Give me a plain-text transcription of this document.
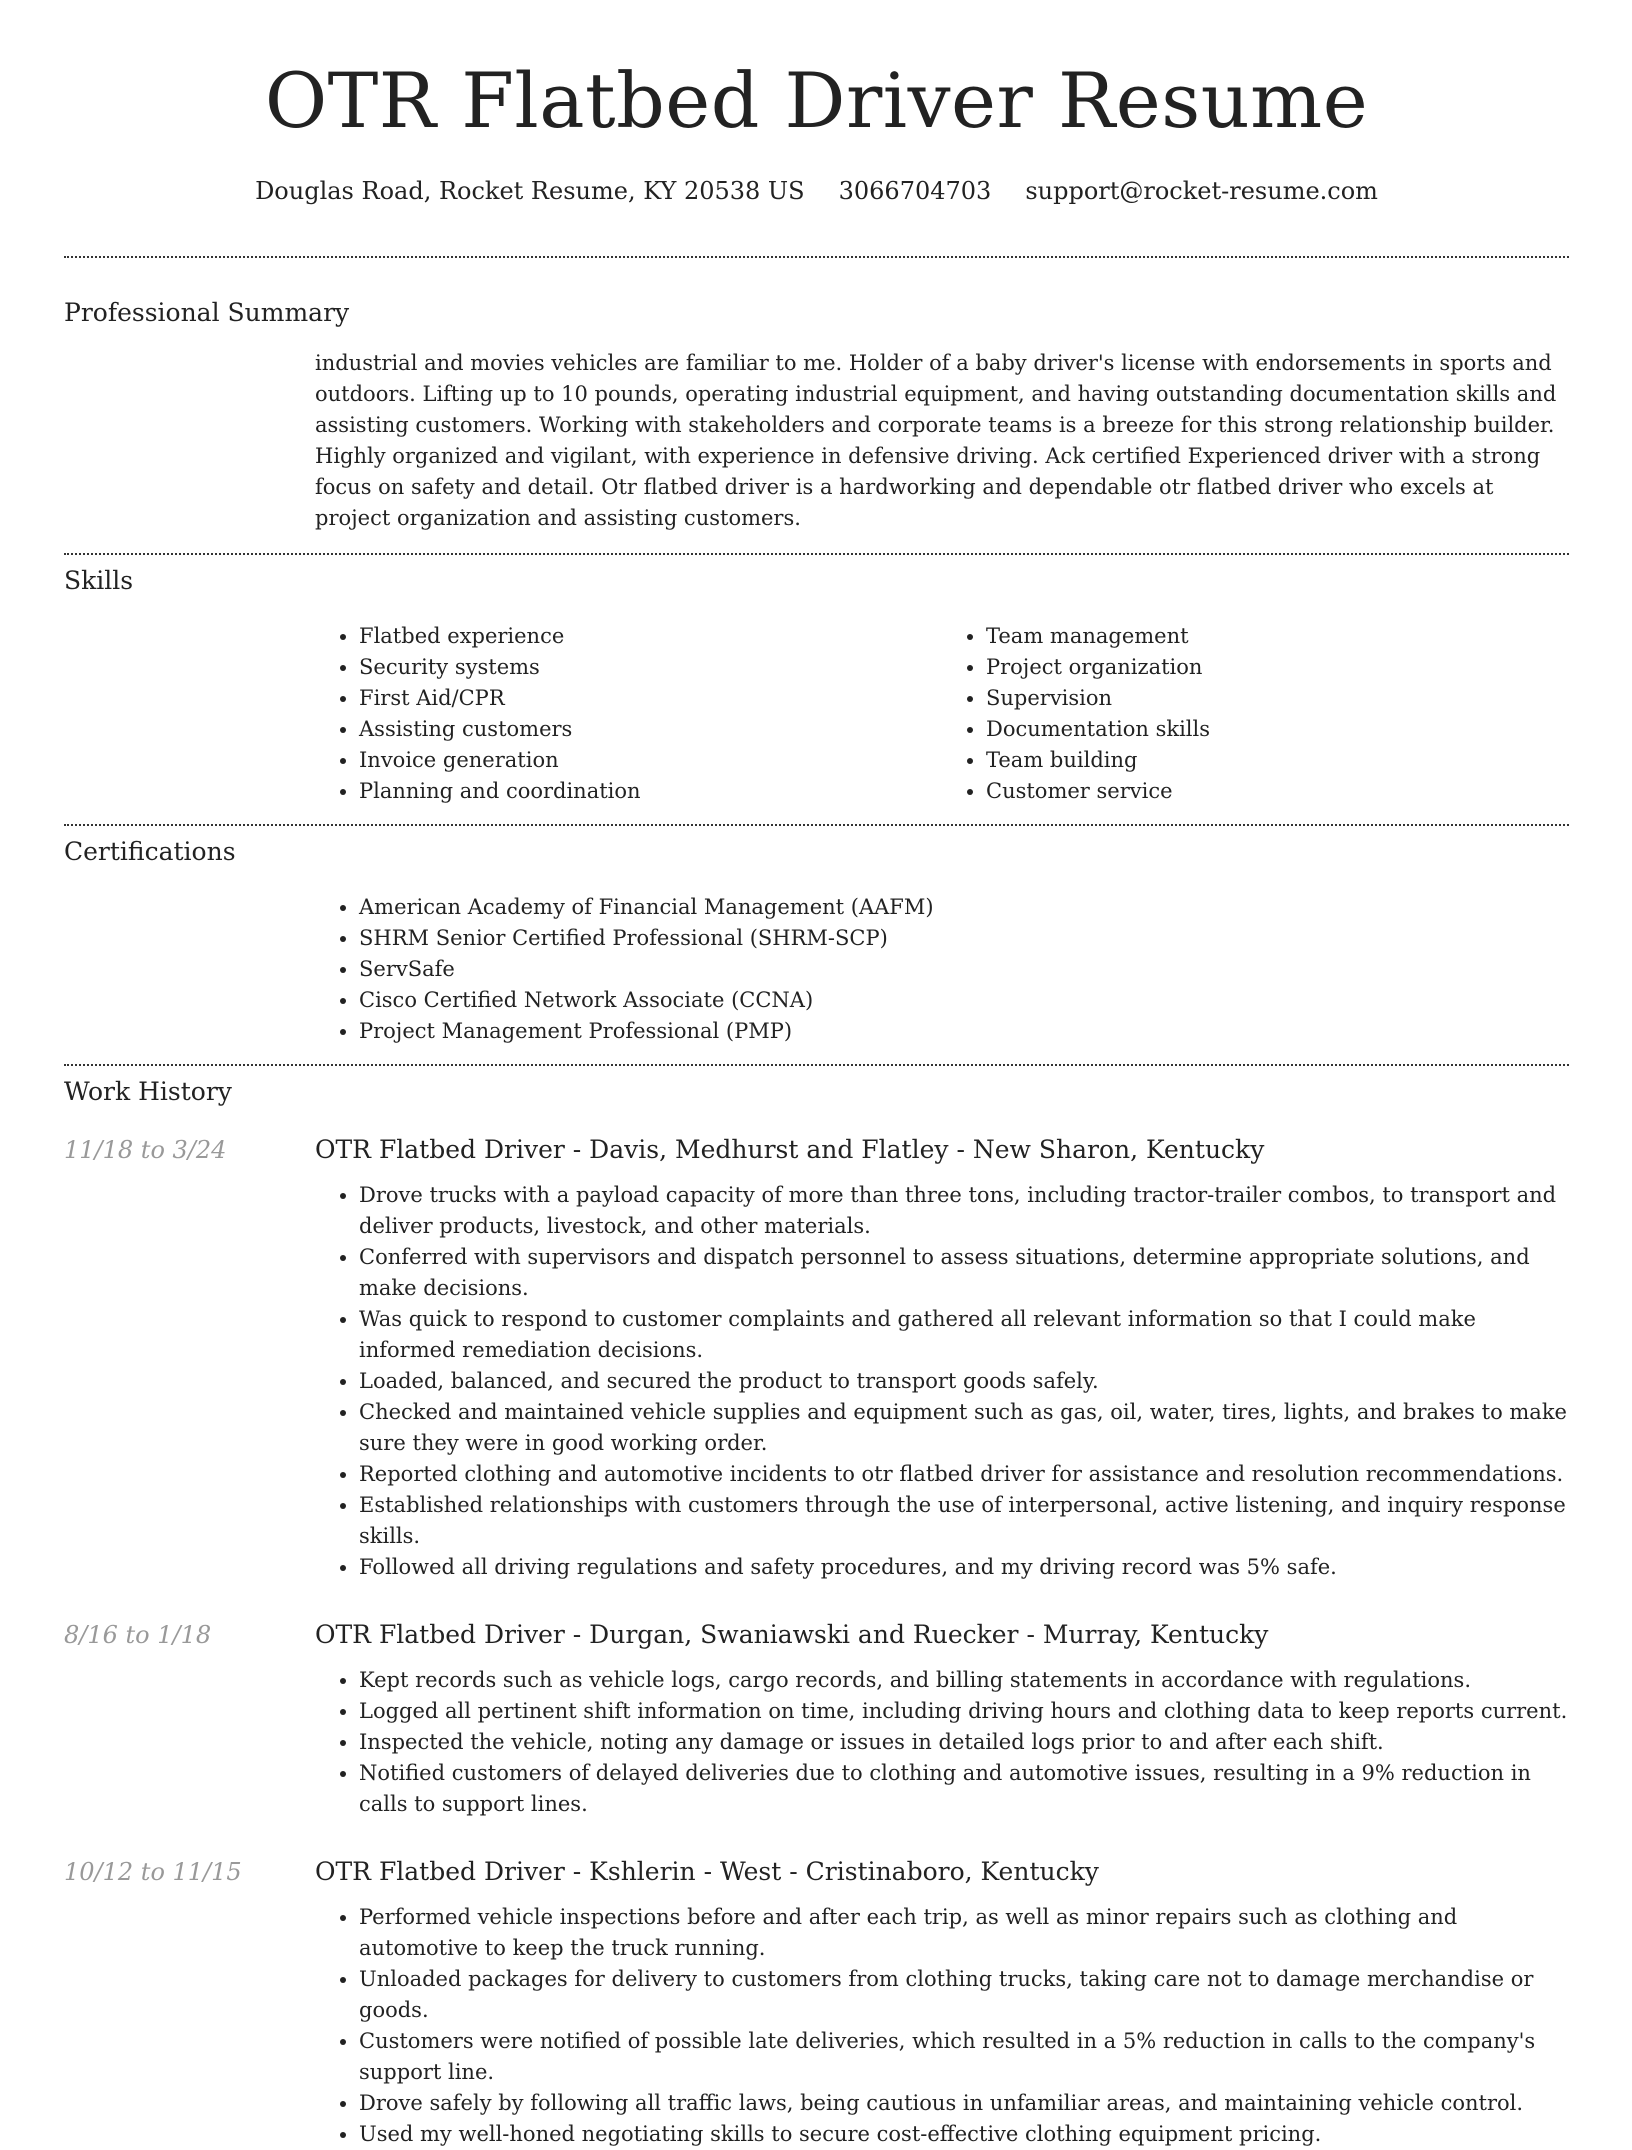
OTR Flatbed Driver Resume
Douglas Road, Rocket Resume, KY 20538 US 3066704703 support@rocket-resume.com
Professional Summary

industrial and movies vehicles are familiar to me. Holder of a baby driver's license with endorsements in sports and outdoors. Lifting up to 10 pounds, operating industrial equipment, and having outstanding documentation skills and assisting customers. Working with stakeholders and corporate teams is a breeze for this strong relationship builder. Highly organized and vigilant, with experience in defensive driving. Ack certified Experienced driver with a strong focus on safety and detail. Otr flatbed driver is a hardworking and dependable otr flatbed driver who excels at project organization and assisting customers.

Skills
• Flatbed experience
• Security systems
• First Aid/CPR
• Assisting customers
• Invoice generation
• Planning and coordination
• Team management
• Project organization
• Supervision
• Documentation skills
• Team building
• Customer service
Certifications
• American Academy of Financial Management (AAFM)
• SHRM Senior Certified Professional (SHRM-SCP)
• ServSafe
• Cisco Certified Network Associate (CCNA)
• Project Management Professional (PMP)
Work History
11/18 to 3/24	OTR Flatbed Driver - Davis, Medhurst and Flatley - New Sharon, Kentucky
• Drove trucks with a payload capacity of more than three tons, including tractor-trailer combos, to transport and deliver products, livestock, and other materials.
• Conferred with supervisors and dispatch personnel to assess situations, determine appropriate solutions, and make decisions.
• Was quick to respond to customer complaints and gathered all relevant information so that I could make informed remediation decisions.
• Loaded, balanced, and secured the product to transport goods safely.
• Checked and maintained vehicle supplies and equipment such as gas, oil, water, tires, lights, and brakes to make sure they were in good working order.
• Reported clothing and automotive incidents to otr flatbed driver for assistance and resolution recommendations.
• Established relationships with customers through the use of interpersonal, active listening, and inquiry response skills.
• Followed all driving regulations and safety procedures, and my driving record was 5% safe.
8/16 to 1/18	OTR Flatbed Driver - Durgan, Swaniawski and Ruecker - Murray, Kentucky
• Kept records such as vehicle logs, cargo records, and billing statements in accordance with regulations.
• Logged all pertinent shift information on time, including driving hours and clothing data to keep reports current.
• Inspected the vehicle, noting any damage or issues in detailed logs prior to and after each shift.
• Notified customers of delayed deliveries due to clothing and automotive issues, resulting in a 9% reduction in calls to support lines.
10/12 to 11/15	OTR Flatbed Driver - Kshlerin - West - Cristinaboro, Kentucky
• Performed vehicle inspections before and after each trip, as well as minor repairs such as clothing and automotive to keep the truck running.
• Unloaded packages for delivery to customers from clothing trucks, taking care not to damage merchandise or goods.
• Customers were notified of possible late deliveries, which resulted in a 5% reduction in calls to the company's support line.
• Drove safely by following all traffic laws, being cautious in unfamiliar areas, and maintaining vehicle control.
• Used my well-honed negotiating skills to secure cost-effective clothing equipment pricing.
